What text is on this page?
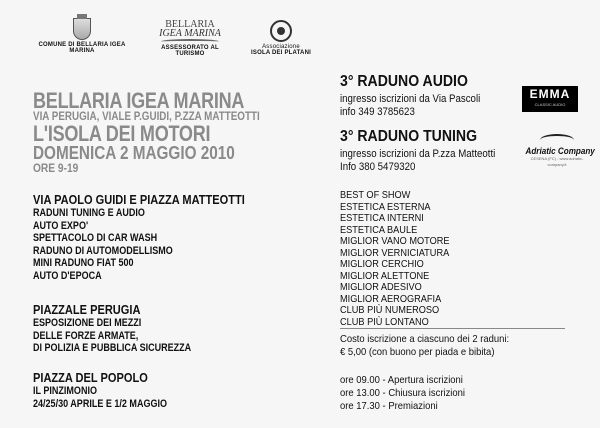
COMUNE DI BELLARIA IGEA MARINA
BELLARIA
IGEA MARINA
ASSESSORATO AL TURISMO
Associazione
ISOLA DEI PLATANI
BELLARIA IGEA MARINA
VIA PERUGIA, VIALE P.GUIDI, P.ZZA MATTEOTTI
L'ISOLA DEI MOTORI
DOMENICA 2 MAGGIO 2010
ORE 9-19
VIA PAOLO GUIDI E PIAZZA MATTEOTTI
RADUNI TUNING E AUDIO
AUTO EXPO'
SPETTACOLO DI CAR WASH
RADUNO DI AUTOMODELLISMO
MINI RADUNO FIAT 500
AUTO D'EPOCA
PIAZZALE PERUGIA
ESPOSIZIONE DEI MEZZI
DELLE FORZE ARMATE,
DI POLIZIA E PUBBLICA SICUREZZA
PIAZZA DEL POPOLO
IL PINZIMONIO
24/25/30 APRILE E 1/2 MAGGIO
3° RADUNO AUDIO
ingresso iscrizioni da Via Pascoli
info 349 3785623
3° RADUNO TUNING
ingresso iscrizioni da P.zza Matteotti
Info 380 5479320
EMMA
CLASSIC AUDIO
Adriatic Company
CESENA (FC) - www.adriatic-company.it
BEST OF SHOW
ESTETICA ESTERNA
ESTETICA INTERNI
ESTETICA BAULE
MIGLIOR VANO MOTORE
MIGLIOR VERNICIATURA
MIGLIOR CERCHIO
MIGLIOR ALETTONE
MIGLIOR ADESIVO
MIGLIOR AEROGRAFIA
CLUB PIÙ NUMEROSO
CLUB PIÙ LONTANO
Costo iscrizione a ciascuno dei 2 raduni:
€ 5,00 (con buono per piada e bibita)
ore 09.00 - Apertura iscrizioni
ore 13.00 - Chiusura iscrizioni
ore 17.30 - Premiazioni
